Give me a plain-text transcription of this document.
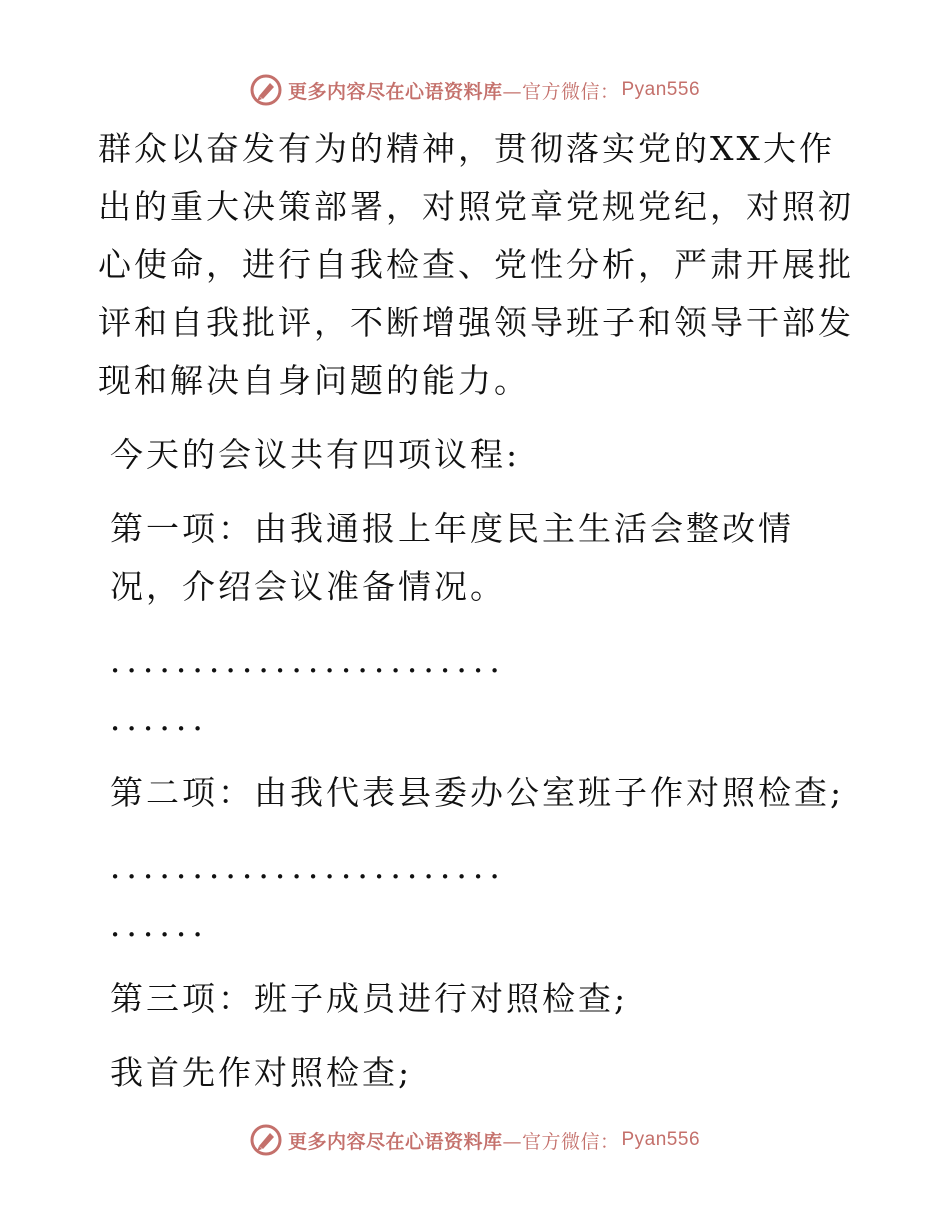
更多内容尽在心语资料库 —官方微信： Pyan556

群众以奋发有为的精神，贯彻落实党的XX大作出的重大决策部署，对照党章党规党纪，对照初心使命，进行自我检查、党性分析，严肃开展批评和自我批评，不断增强领导班子和领导干部发现和解决自身问题的能力。

今天的会议共有四项议程:

第一项：由我通报上年度民主生活会整改情况，介绍会议准备情况。

．．．．．．．．．．．．．．．．．．．．．．．．

．．．．．．

第二项：由我代表县委办公室班子作对照检查;

．．．．．．．．．．．．．．．．．．．．．．．．

．．．．．．

第三项：班子成员进行对照检查;

我首先作对照检查;

更多内容尽在心语资料库 —官方微信： Pyan556
